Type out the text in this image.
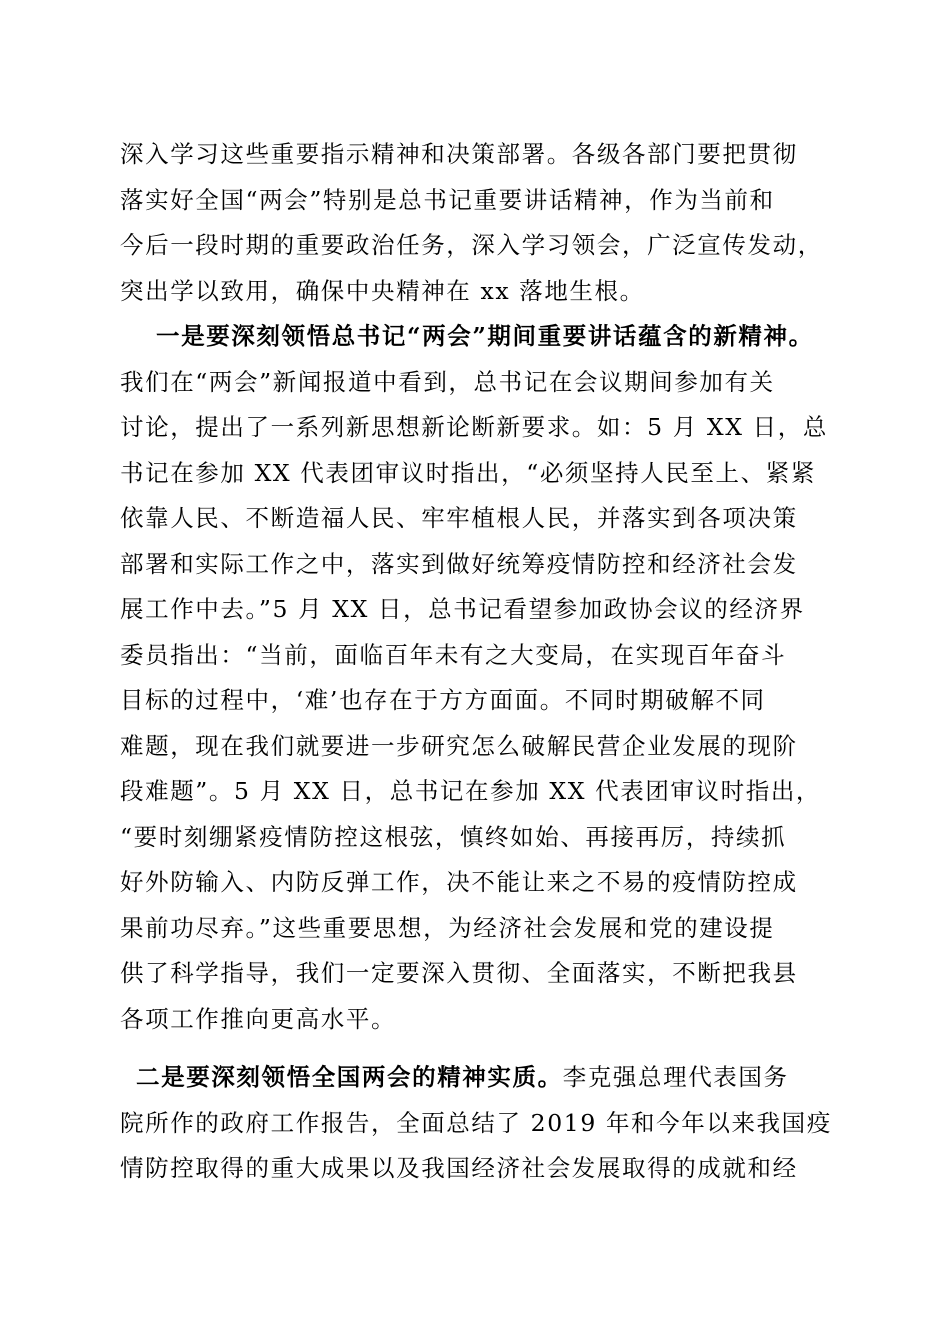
深入学习这些重要指示精神和决策部署。各级各部门要把贯彻
落实好全国“两会”特别是总书记重要讲话精神，作为当前和
今后一段时期的重要政治任务，深入学习领会，广泛宣传发动，
突出学以致用，确保中央精神在 xx 落地生根。
一是要深刻领悟总书记“两会”期间重要讲话蕴含的新精神。
我们在“两会”新闻报道中看到，总书记在会议期间参加有关
讨论，提出了一系列新思想新论断新要求。如：5 月 XX 日，总
书记在参加 XX 代表团审议时指出，“必须坚持人民至上、紧紧
依靠人民、不断造福人民、牢牢植根人民，并落实到各项决策
部署和实际工作之中，落实到做好统筹疫情防控和经济社会发
展工作中去。”5 月 XX 日，总书记看望参加政协会议的经济界
委员指出：“当前，面临百年未有之大变局，在实现百年奋斗
目标的过程中，‘难’也存在于方方面面。不同时期破解不同
难题，现在我们就要进一步研究怎么破解民营企业发展的现阶
段难题”。5 月 XX 日，总书记在参加 XX 代表团审议时指出，
“要时刻绷紧疫情防控这根弦，慎终如始、再接再厉，持续抓
好外防输入、内防反弹工作，决不能让来之不易的疫情防控成
果前功尽弃。”这些重要思想，为经济社会发展和党的建设提
供了科学指导，我们一定要深入贯彻、全面落实，不断把我县
各项工作推向更高水平。
二是要深刻领悟全国两会的精神实质。李克强总理代表国务
院所作的政府工作报告，全面总结了 2019 年和今年以来我国疫
情防控取得的重大成果以及我国经济社会发展取得的成就和经
